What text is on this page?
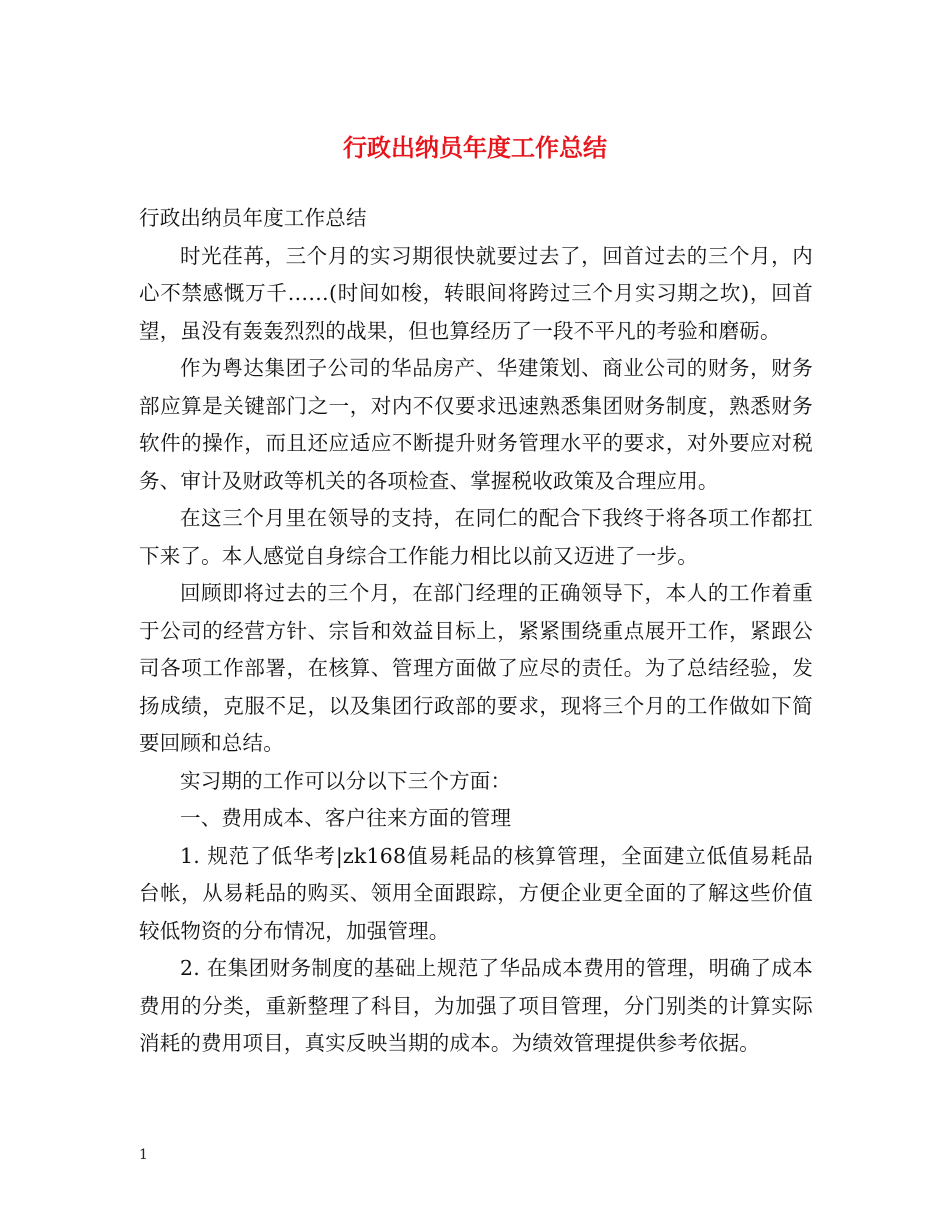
行政出纳员年度工作总结

行政出纳员年度工作总结

时光荏苒，三个月的实习期很快就要过去了，回首过去的三个月，内心不禁感慨万千……(时间如梭，转眼间将跨过三个月实习期之坎)，回首望，虽没有轰轰烈烈的战果，但也算经历了一段不平凡的考验和磨砺。

作为粤达集团子公司的华品房产、华建策划、商业公司的财务，财务部应算是关键部门之一，对内不仅要求迅速熟悉集团财务制度，熟悉财务软件的操作，而且还应适应不断提升财务管理水平的要求，对外要应对税务、审计及财政等机关的各项检查、掌握税收政策及合理应用。

在这三个月里在领导的支持，在同仁的配合下我终于将各项工作都扛下来了。本人感觉自身综合工作能力相比以前又迈进了一步。

回顾即将过去的三个月，在部门经理的正确领导下，本人的工作着重于公司的经营方针、宗旨和效益目标上，紧紧围绕重点展开工作，紧跟公司各项工作部署，在核算、管理方面做了应尽的责任。为了总结经验，发扬成绩，克服不足，以及集团行政部的要求，现将三个月的工作做如下简要回顾和总结。

实习期的工作可以分以下三个方面：

一、费用成本、客户往来方面的管理

1. 规范了低华考|zk168值易耗品的核算管理，全面建立低值易耗品台帐，从易耗品的购买、领用全面跟踪，方便企业更全面的了解这些价值较低物资的分布情况，加强管理。

2. 在集团财务制度的基础上规范了华品成本费用的管理，明确了成本费用的分类，重新整理了科目，为加强了项目管理，分门别类的计算实际消耗的费用项目，真实反映当期的成本。为绩效管理提供参考依据。

1
